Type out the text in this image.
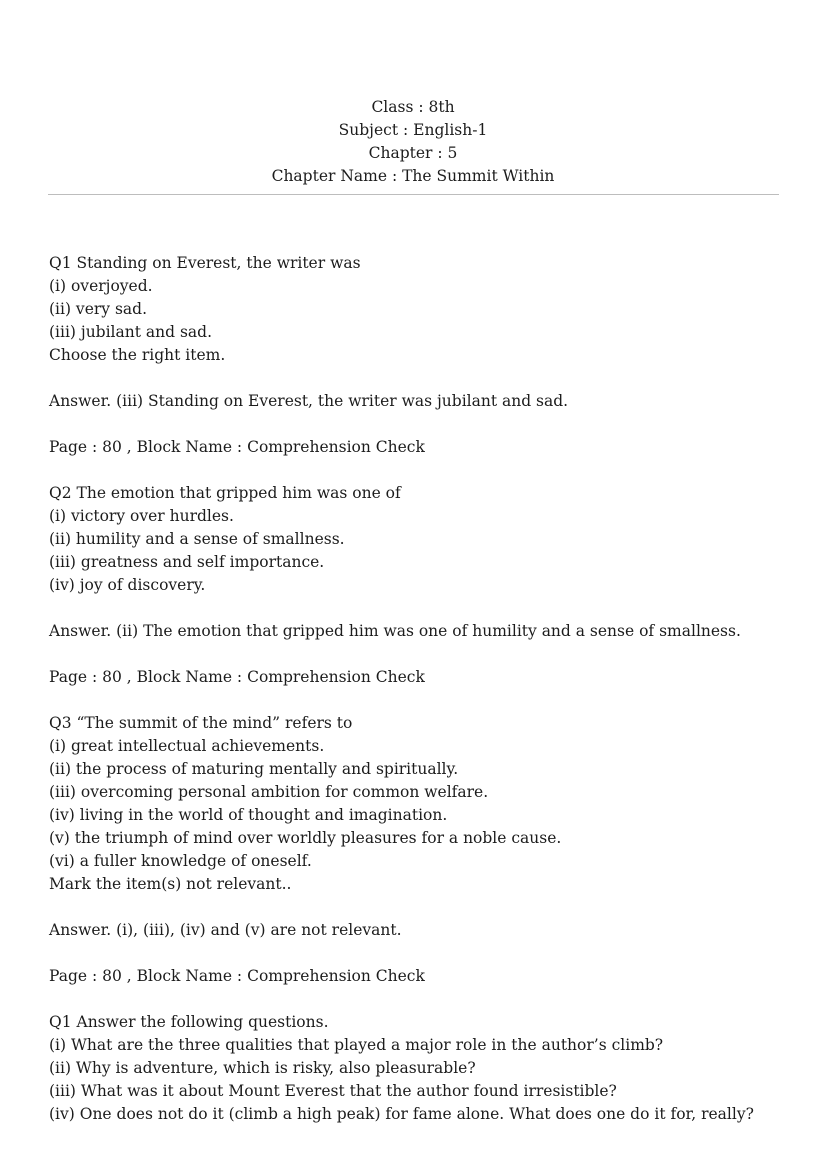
Class : 8th
Subject : English-1
Chapter : 5
Chapter Name : The Summit Within
Q1 Standing on Everest, the writer was
(i) overjoyed.
(ii) very sad.
(iii) jubilant and sad.
Choose the right item.
Answer. (iii) Standing on Everest, the writer was jubilant and sad.
Page : 80 , Block Name : Comprehension Check
Q2 The emotion that gripped him was one of
(i) victory over hurdles.
(ii) humility and a sense of smallness.
(iii) greatness and self importance.
(iv) joy of discovery.
Answer. (ii) The emotion that gripped him was one of humility and a sense of smallness.
Page : 80 , Block Name : Comprehension Check
Q3 “The summit of the mind” refers to
(i) great intellectual achievements.
(ii) the process of maturing mentally and spiritually.
(iii) overcoming personal ambition for common welfare.
(iv) living in the world of thought and imagination.
(v) the triumph of mind over worldly pleasures for a noble cause.
(vi) a fuller knowledge of oneself.
Mark the item(s) not relevant..
Answer. (i), (iii), (iv) and (v) are not relevant.
Page : 80 , Block Name : Comprehension Check
Q1 Answer the following questions.
(i) What are the three qualities that played a major role in the author’s climb?
(ii) Why is adventure, which is risky, also pleasurable?
(iii) What was it about Mount Everest that the author found irresistible?
(iv) One does not do it (climb a high peak) for fame alone. What does one do it for, really?
